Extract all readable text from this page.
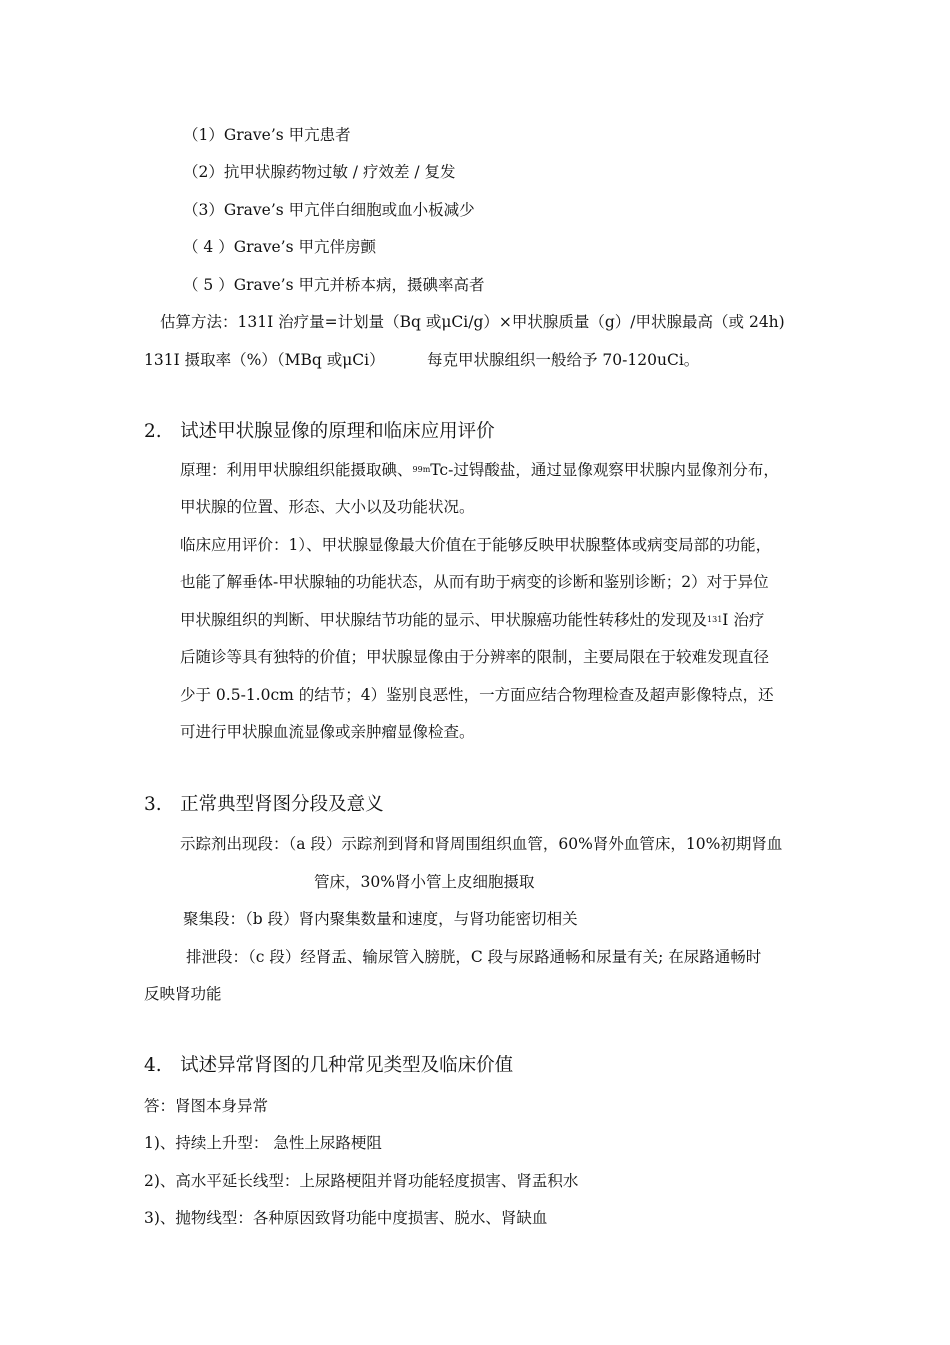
（1）Grave’s 甲亢患者
（2）抗甲状腺药物过敏 / 疗效差 / 复发
（3）Grave’s 甲亢伴白细胞或血小板减少
（ 4 ）Grave’s 甲亢伴房颤
（ 5 ）Grave’s 甲亢并桥本病，摄碘率高者
估算方法：131I 治疗量=计划量（Bq 或μCi/g）×甲状腺质量（g）/甲状腺最高（或 24h)
131I 摄取率（%）（MBq 或μCi）	每克甲状腺组织一般给予 70-120uCi。
2.　试述甲状腺显像的原理和临床应用评价
原理：利用甲状腺组织能摄取碘、$^{99m}$Tc-过锝酸盐，通过显像观察甲状腺内显像剂分布，
甲状腺的位置、形态、大小以及功能状况。
临床应用评价：1）、甲状腺显像最大价值在于能够反映甲状腺整体或病变局部的功能，
也能了解垂体-甲状腺轴的功能状态，从而有助于病变的诊断和鉴别诊断；2）对于异位
甲状腺组织的判断、甲状腺结节功能的显示、甲状腺癌功能性转移灶的发现及$^{131}$I 治疗
后随诊等具有独特的价值；甲状腺显像由于分辨率的限制，主要局限在于较难发现直径
少于 0.5-1.0cm 的结节；4）鉴别良恶性，一方面应结合物理检查及超声影像特点，还
可进行甲状腺血流显像或亲肿瘤显像检查。
3.　正常典型肾图分段及意义
示踪剂出现段：（a 段）示踪剂到肾和肾周围组织血管，60%肾外血管床，10%初期肾血
管床，30%肾小管上皮细胞摄取
聚集段：（b 段）肾内聚集数量和速度，与肾功能密切相关
排泄段：（c 段）经肾盂、输尿管入膀胱，C 段与尿路通畅和尿量有关; 在尿路通畅时
反映肾功能
4.　试述异常肾图的几种常见类型及临床价值
答：肾图本身异常
1)、持续上升型： 急性上尿路梗阻
2)、高水平延长线型：上尿路梗阻并肾功能轻度损害、肾盂积水
3)、抛物线型：各种原因致肾功能中度损害、脱水、肾缺血
